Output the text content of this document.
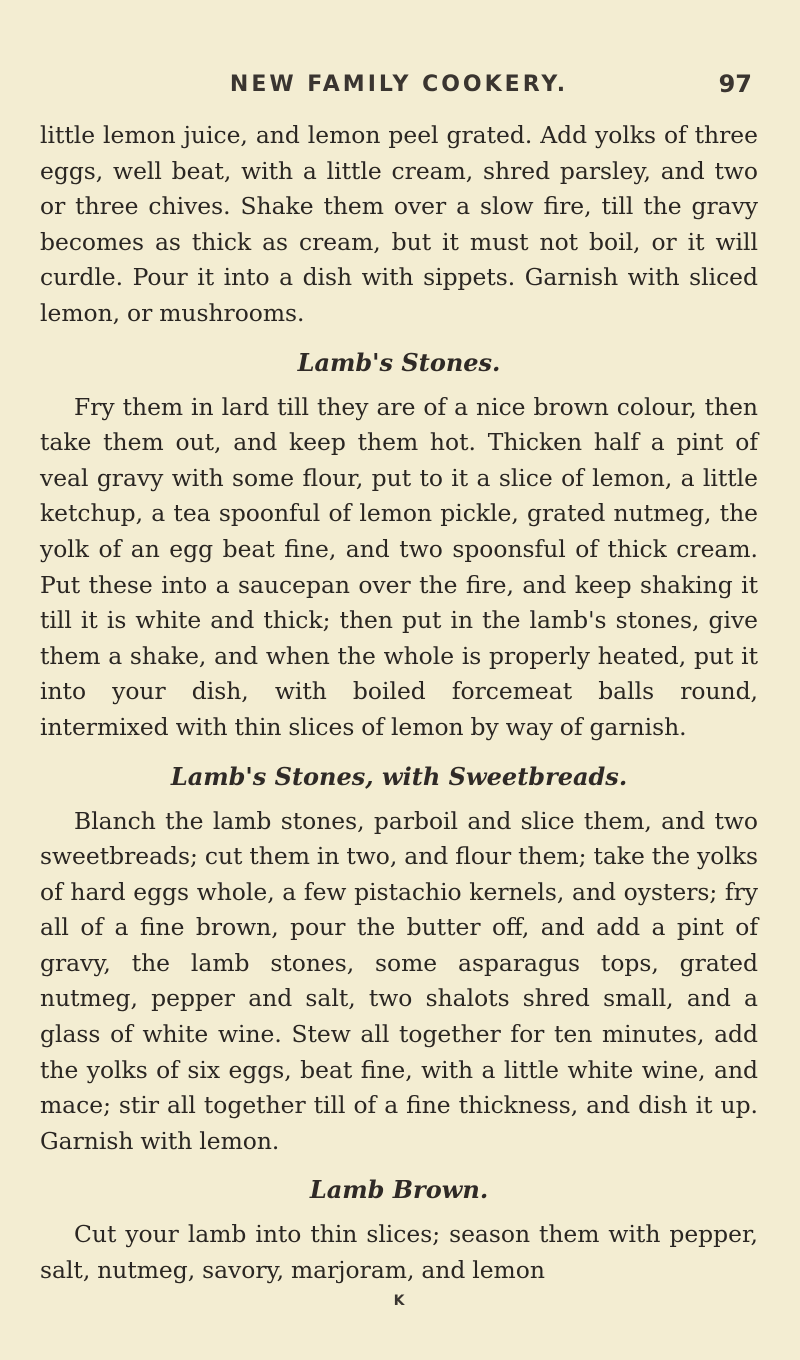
NEW FAMILY COOKERY.	97

little lemon juice, and lemon peel grated. Add yolks of three eggs, well beat, with a little cream, shred parsley, and two or three chives. Shake them over a slow fire, till the gravy becomes as thick as cream, but it must not boil, or it will curdle. Pour it into a dish with sippets. Garnish with sliced lemon, or mushrooms.

Lamb's Stones.

Fry them in lard till they are of a nice brown colour, then take them out, and keep them hot. Thicken half a pint of veal gravy with some flour, put to it a slice of lemon, a little ketchup, a tea spoonful of lemon pickle, grated nutmeg, the yolk of an egg beat fine, and two spoonsful of thick cream. Put these into a saucepan over the fire, and keep shaking it till it is white and thick; then put in the lamb's stones, give them a shake, and when the whole is properly heated, put it into your dish, with boiled forcemeat balls round, intermixed with thin slices of lemon by way of garnish.

Lamb's Stones, with Sweetbreads.

Blanch the lamb stones, parboil and slice them, and two sweetbreads; cut them in two, and flour them; take the yolks of hard eggs whole, a few pistachio kernels, and oysters; fry all of a fine brown, pour the butter off, and add a pint of gravy, the lamb stones, some asparagus tops, grated nutmeg, pepper and salt, two shalots shred small, and a glass of white wine. Stew all together for ten minutes, add the yolks of six eggs, beat fine, with a little white wine, and mace; stir all together till of a fine thickness, and dish it up. Garnish with lemon.

Lamb Brown.

Cut your lamb into thin slices; season them with pepper, salt, nutmeg, savory, marjoram, and lemon

K
